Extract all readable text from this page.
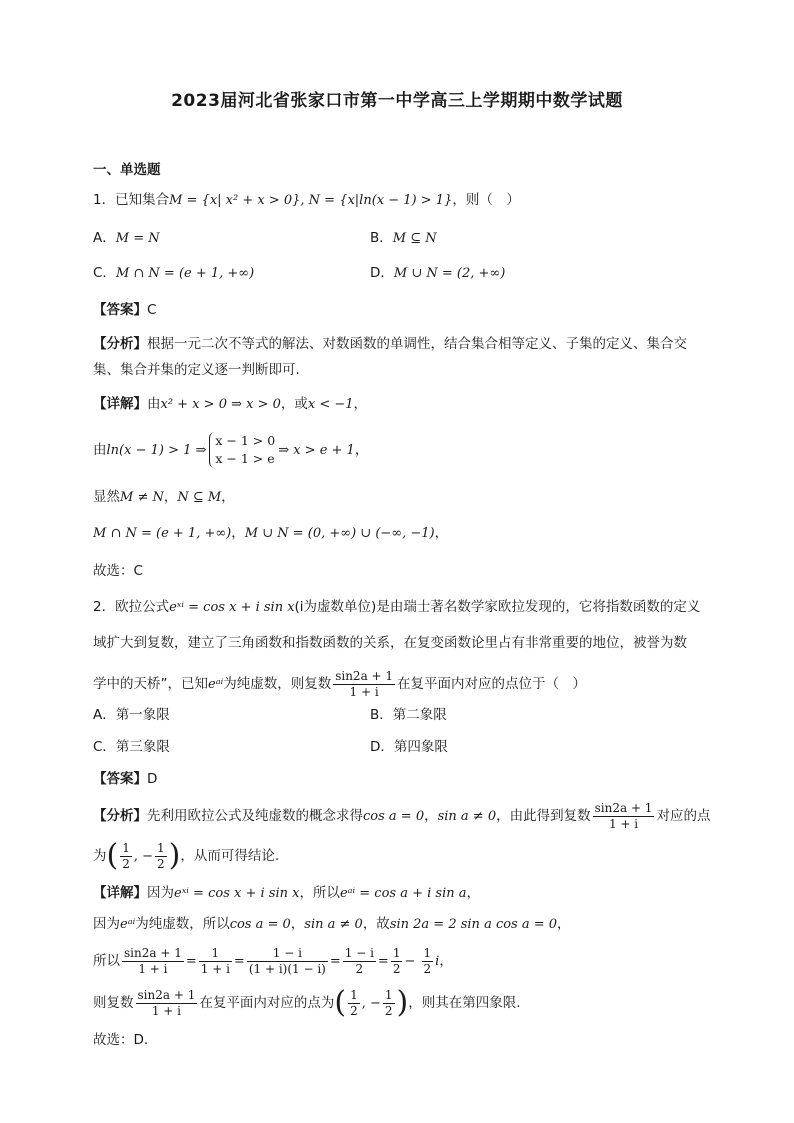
2023届河北省张家口市第一中学高三上学期期中数学试题
一、单选题
1．已知集合M = {x| x² + x > 0}, N = {x|ln(x − 1) > 1}，则（　）
A．M = N	B．M ⊆ N
C．M ∩ N = (e + 1, +∞)	D．M ∪ N = (2, +∞)
【答案】C
【分析】根据一元二次不等式的解法、对数函数的单调性，结合集合相等定义、子集的定义、集合交集、集合并集的定义逐一判断即可.
【详解】由x² + x > 0 ⇒ x > 0，或x < −1，
由ln(x − 1) > 1 ⇒
x − 1 > 0
x − 1 > e
⇒ x > e + 1，
显然M ≠ N，N ⊆ M，
M ∩ N = (e + 1, +∞)，M ∪ N = (0, +∞) ∪ (−∞, −1)，
故选：C
2．欧拉公式eˣⁱ = cos x + i sin x(i为虚数单位)是由瑞士著名数学家欧拉发现的，它将指数函数的定义
域扩大到复数，建立了三角函数和指数函数的关系，在复变函数论里占有非常重要的地位，被誉为数
学中的天桥”，已知eᵃⁱ为纯虚数，则复数 $\frac{\sin 2a + 1}{1 + i}$ 在复平面内对应的点位于（　）
A．第一象限	B．第二象限
C．第三象限	D．第四象限
【答案】D
【分析】先利用欧拉公式及纯虚数的概念求得cos a = 0，sin a ≠ 0，由此得到复数 $\frac{\sin 2a + 1}{1 + i}$ 对应的点
为( $\frac{1}{2}$ , − $\frac{1}{2}$ )，从而可得结论.
【详解】因为eˣⁱ = cos x + i sin x，所以eᵃⁱ = cos a + i sin a，
因为eᵃⁱ为纯虚数，所以cos a = 0，sin a ≠ 0，故sin 2a = 2 sin a cos a = 0，
所以 $\frac{\sin 2a + 1}{1 + i} = \frac{1}{1 + i} = \frac{1 - i}{(1 + i)(1 - i)} = \frac{1 - i}{2} = \frac{1}{2} - \frac{1}{2}$ i，
则复数 $\frac{\sin 2a + 1}{1 + i}$ 在复平面内对应的点为( $\frac{1}{2}$ , − $\frac{1}{2}$ )，则其在第四象限.
故选：D.
